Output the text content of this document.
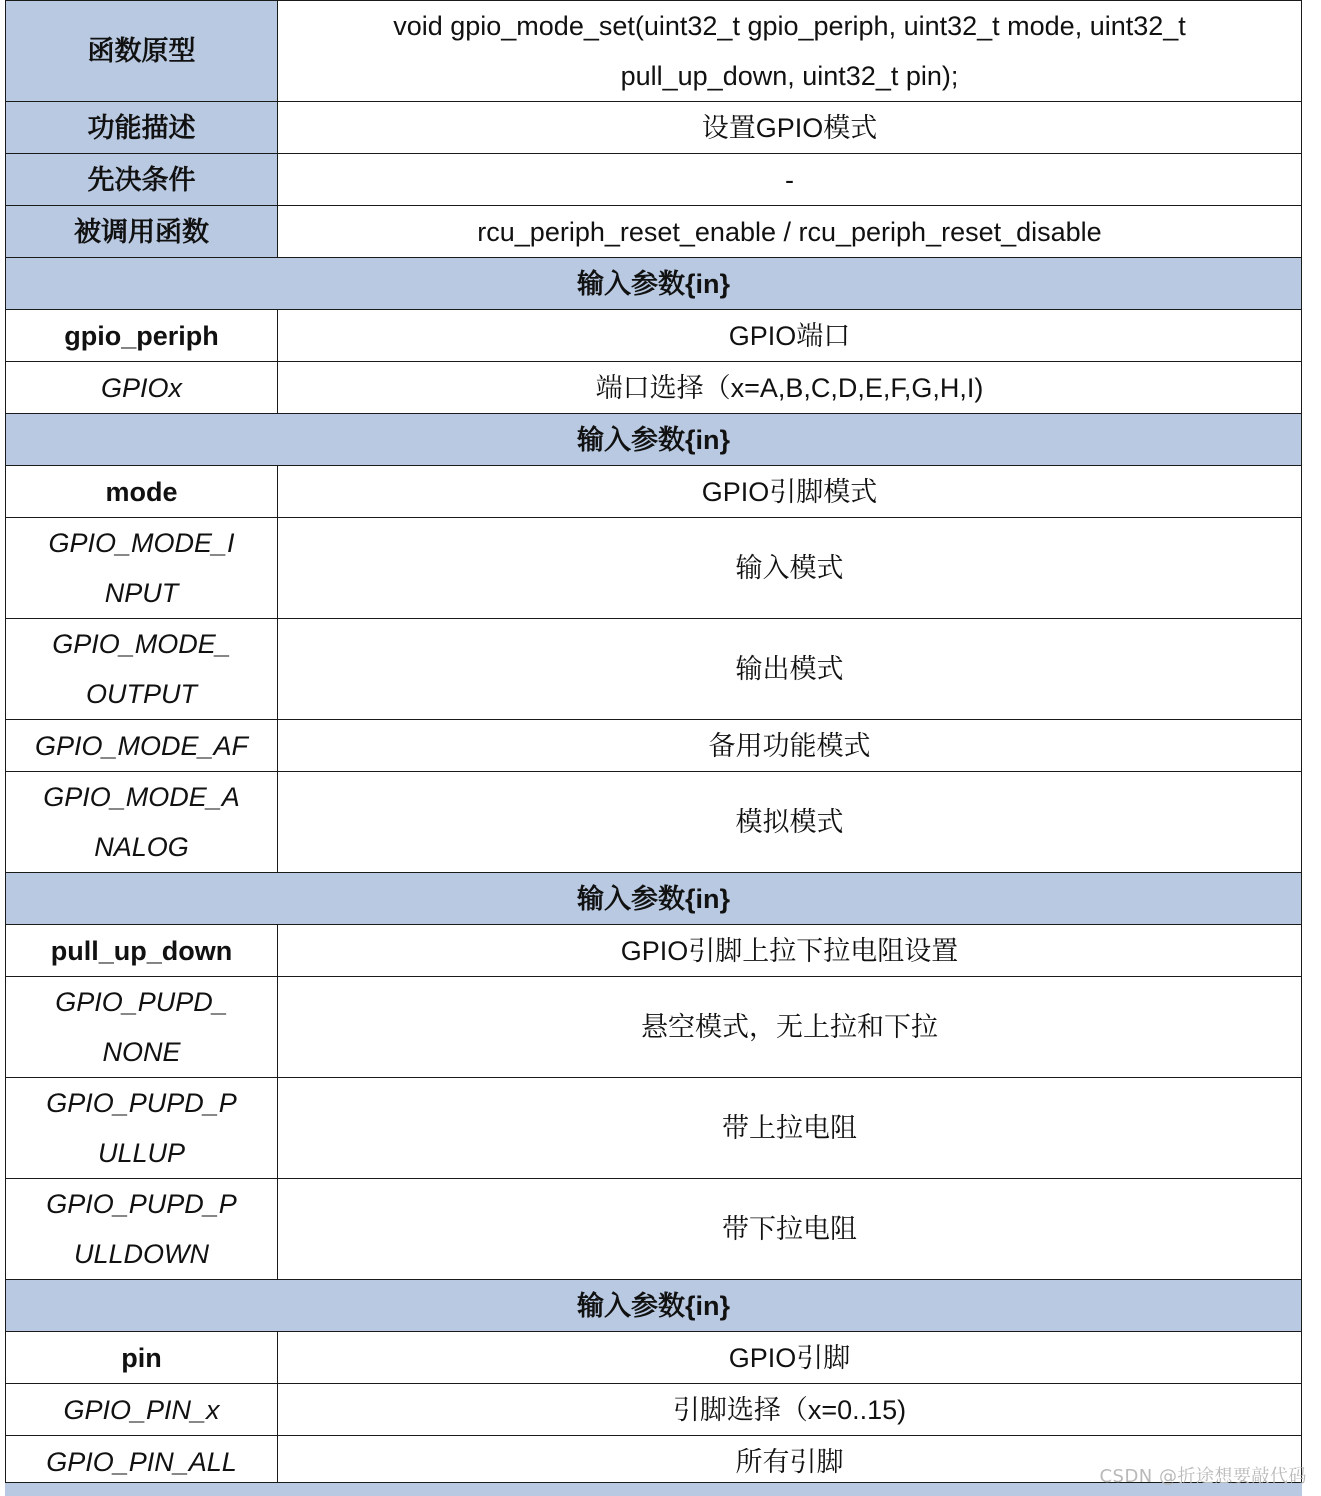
函数原型	void gpio_mode_set(uint32_t gpio_periph, uint32_t mode, uint32_t pull_up_down, uint32_t pin);
功能描述	设置GPIO模式
先决条件	-
被调用函数	rcu_periph_reset_enable / rcu_periph_reset_disable
输入参数{in}	
gpio_periph	GPIO端口
GPIOx	端口选择（x=A,B,C,D,E,F,G,H,I)
输入参数{in}	
mode	GPIO引脚模式
GPIO_MODE_INPUT	输入模式
GPIO_MODE_OUTPUT	输出模式
GPIO_MODE_AF	备用功能模式
GPIO_MODE_ANALOG	模拟模式
输入参数{in}	
pull_up_down	GPIO引脚上拉下拉电阻设置
GPIO_PUPD_NONE	悬空模式，无上拉和下拉
GPIO_PUPD_PULLUP	带上拉电阻
GPIO_PUPD_PULLDOWN	带下拉电阻
输入参数{in}	
pin	GPIO引脚
GPIO_PIN_x	引脚选择（x=0..15)
GPIO_PIN_ALL	所有引脚	CSDN @折途想要敲代码
